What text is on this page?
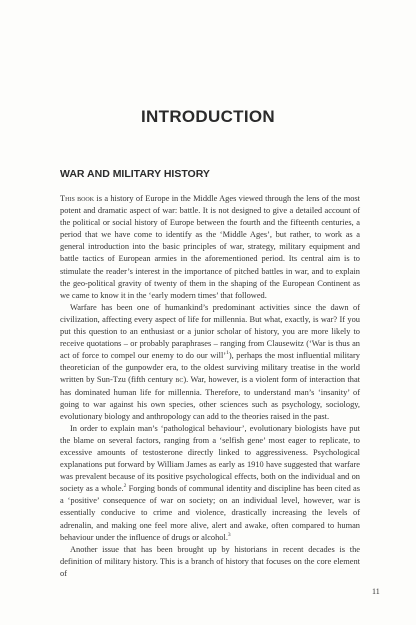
INTRODUCTION
WAR AND MILITARY HISTORY

This book is a history of Europe in the Middle Ages viewed through the lens of the most potent and dramatic aspect of war: battle. It is not designed to give a detailed account of the political or social history of Europe between the fourth and the fifteenth centuries, a period that we have come to identify as the ‘Middle Ages’, but rather, to work as a general introduction into the basic principles of war, strategy, military equipment and battle tactics of European armies in the aforementioned period. Its central aim is to stimulate the reader’s interest in the importance of pitched battles in war, and to explain the geo-political gravity of twenty of them in the shaping of the European Continent as we came to know it in the ‘early modern times’ that followed.

Warfare has been one of humankind’s predominant activities since the dawn of civilization, affecting every aspect of life for millennia. But what, exactly, is war? If you put this question to an enthusiast or a junior scholar of history, you are more likely to receive quotations – or probably paraphrases – ranging from Clausewitz (‘War is thus an act of force to compel our enemy to do our will’$^1$), perhaps the most influential military theoretician of the gunpowder era, to the oldest surviving military treatise in the world written by Sun-Tzu (fifth century bc). War, however, is a violent form of interaction that has dominated human life for millennia. Therefore, to understand man’s ‘insanity’ of going to war against his own species, other sciences such as psychology, sociology, evolutionary biology and anthropology can add to the theories raised in the past.

In order to explain man’s ‘pathological behaviour’, evolutionary biologists have put the blame on several factors, ranging from a ‘selfish gene’ most eager to replicate, to excessive amounts of testosterone directly linked to aggressiveness. Psychological explanations put forward by William James as early as 1910 have suggested that warfare was prevalent because of its positive psychological effects, both on the individual and on society as a whole.$^2$ Forging bonds of communal identity and discipline has been cited as a ‘positive’ consequence of war on society; on an individual level, however, war is essentially conducive to crime and violence, drastically increasing the levels of adrenalin, and making one feel more alive, alert and awake, often compared to human behaviour under the influence of drugs or alcohol.$^3$

Another issue that has been brought up by historians in recent decades is the definition of military history. This is a branch of history that focuses on the core element of

11
